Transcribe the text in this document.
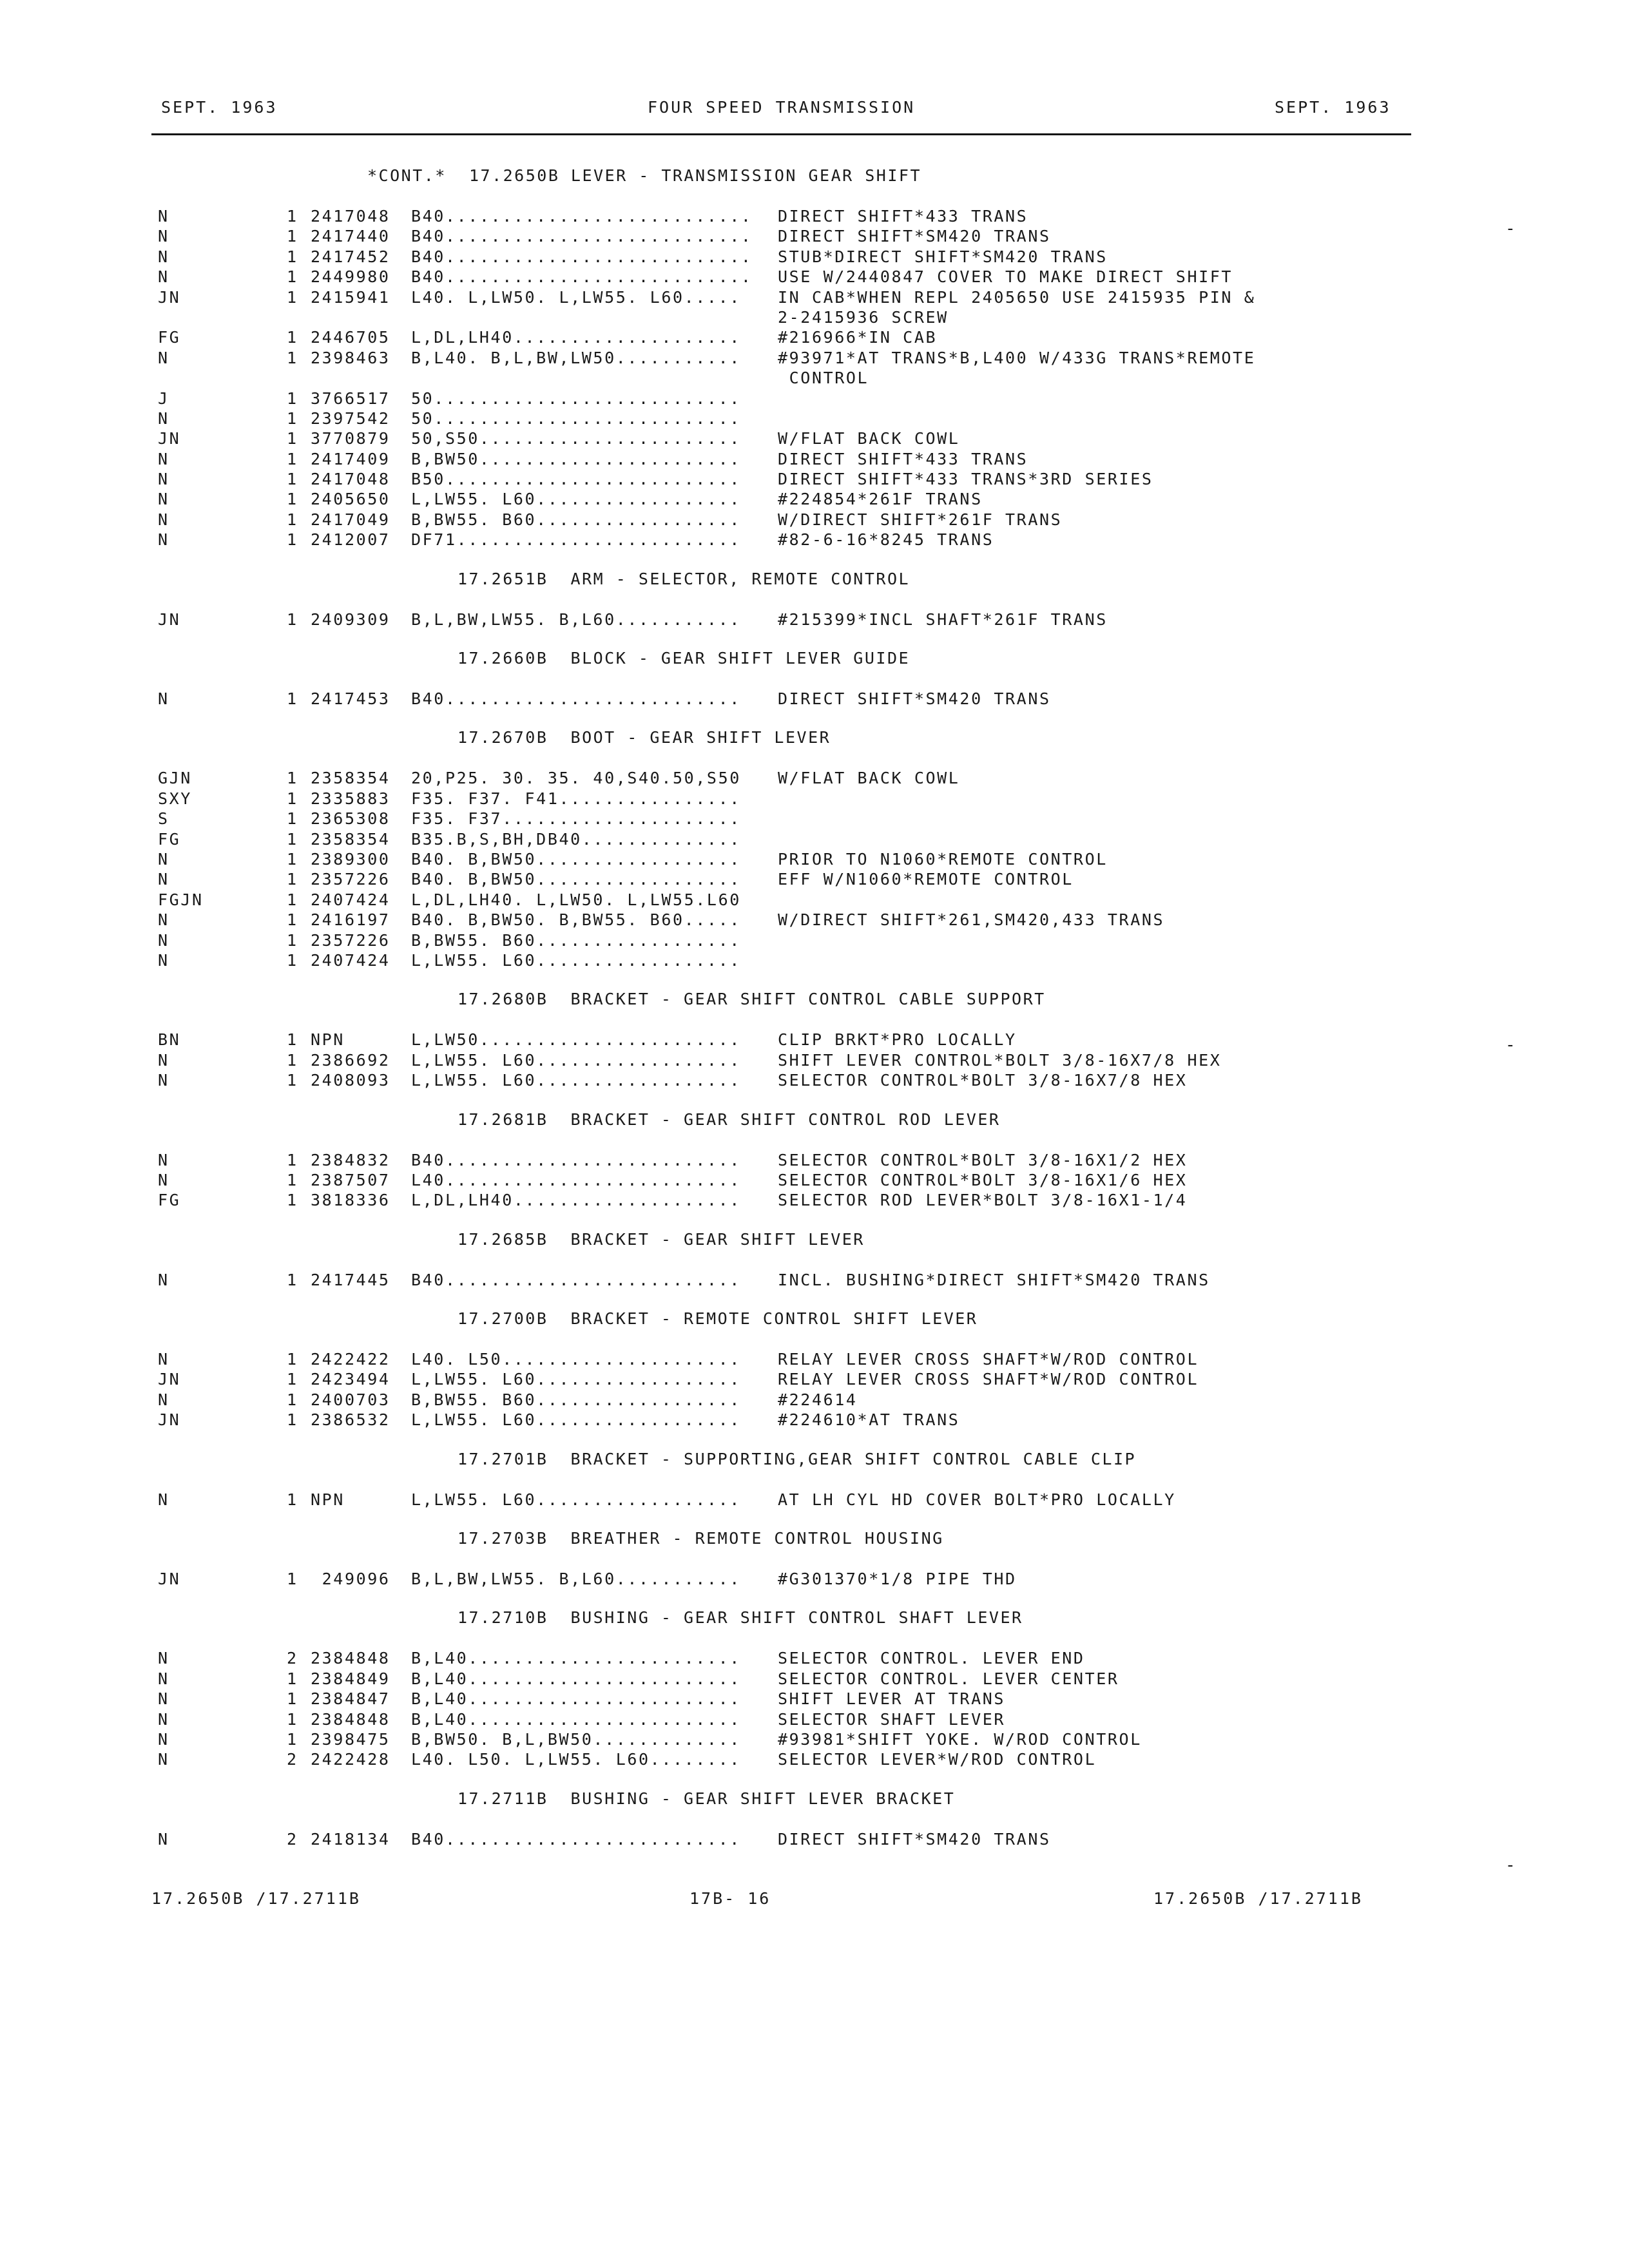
SEPT. 1963	FOUR SPEED TRANSMISSION	SEPT. 1963
-
-
-
*CONT.*  17.2650B LEVER - TRANSMISSION GEAR SHIFT
N	1 2417048 B40........................... DIRECT SHIFT*433 TRANS
N	1 2417440 B40........................... DIRECT SHIFT*SM420 TRANS
N	1 2417452 B40........................... STUB*DIRECT SHIFT*SM420 TRANS
N	1 2449980 B40........................... USE W/2440847 COVER TO MAKE DIRECT SHIFT
JN	1 2415941 L40. L,LW50. L,LW55. L60..... IN CAB*WHEN REPL 2405650 USE 2415935 PIN &
2-2415936 SCREW
FG	1 2446705 L,DL,LH40.................... #216966*IN CAB
N	1 2398463 B,L40. B,L,BW,LW50........... #93971*AT TRANS*B,L400 W/433G TRANS*REMOTE
CONTROL
J	1 3766517 50...........................
N	1 2397542 50...........................
JN	1 3770879 50,S50....................... W/FLAT BACK COWL
N	1 2417409 B,BW50....................... DIRECT SHIFT*433 TRANS
N	1 2417048 B50.......................... DIRECT SHIFT*433 TRANS*3RD SERIES
N	1 2405650 L,LW55. L60.................. #224854*261F TRANS
N	1 2417049 B,BW55. B60.................. W/DIRECT SHIFT*261F TRANS
N	1 2412007 DF71......................... #82-6-16*8245 TRANS
17.2651B  ARM - SELECTOR, REMOTE CONTROL
JN	1 2409309 B,L,BW,LW55. B,L60........... #215399*INCL SHAFT*261F TRANS
17.2660B  BLOCK - GEAR SHIFT LEVER GUIDE
N	1 2417453 B40.......................... DIRECT SHIFT*SM420 TRANS
17.2670B  BOOT - GEAR SHIFT LEVER
GJN	1 2358354 20,P25. 30. 35. 40,S40.50,S50 W/FLAT BACK COWL
SXY	1 2335883 F35. F37. F41................
S	1 2365308 F35. F37.....................
FG	1 2358354 B35.B,S,BH,DB40..............
N	1 2389300 B40. B,BW50.................. PRIOR TO N1060*REMOTE CONTROL
N	1 2357226 B40. B,BW50.................. EFF W/N1060*REMOTE CONTROL
FGJN	1 2407424 L,DL,LH40. L,LW50. L,LW55.L60
N	1 2416197 B40. B,BW50. B,BW55. B60..... W/DIRECT SHIFT*261,SM420,433 TRANS
N	1 2357226 B,BW55. B60..................
N	1 2407424 L,LW55. L60..................
17.2680B  BRACKET - GEAR SHIFT CONTROL CABLE SUPPORT
BN	1 NPN	L,LW50....................... CLIP BRKT*PRO LOCALLY
N	1 2386692 L,LW55. L60.................. SHIFT LEVER CONTROL*BOLT 3/8-16X7/8 HEX
N	1 2408093 L,LW55. L60.................. SELECTOR CONTROL*BOLT 3/8-16X7/8 HEX
17.2681B  BRACKET - GEAR SHIFT CONTROL ROD LEVER
N	1 2384832 B40.......................... SELECTOR CONTROL*BOLT 3/8-16X1/2 HEX
N	1 2387507 L40.......................... SELECTOR CONTROL*BOLT 3/8-16X1/6 HEX
FG	1 3818336 L,DL,LH40.................... SELECTOR ROD LEVER*BOLT 3/8-16X1-1/4
17.2685B  BRACKET - GEAR SHIFT LEVER
N	1 2417445 B40.......................... INCL. BUSHING*DIRECT SHIFT*SM420 TRANS
17.2700B  BRACKET - REMOTE CONTROL SHIFT LEVER
N	1 2422422 L40. L50..................... RELAY LEVER CROSS SHAFT*W/ROD CONTROL
JN	1 2423494 L,LW55. L60.................. RELAY LEVER CROSS SHAFT*W/ROD CONTROL
N	1 2400703 B,BW55. B60.................. #224614
JN	1 2386532 L,LW55. L60.................. #224610*AT TRANS
17.2701B  BRACKET - SUPPORTING,GEAR SHIFT CONTROL CABLE CLIP
N	1 NPN	L,LW55. L60.................. AT LH CYL HD COVER BOLT*PRO LOCALLY
17.2703B  BREATHER - REMOTE CONTROL HOUSING
JN	1 249096 B,L,BW,LW55. B,L60........... #G301370*1/8 PIPE THD
17.2710B  BUSHING - GEAR SHIFT CONTROL SHAFT LEVER
N	2 2384848 B,L40........................ SELECTOR CONTROL. LEVER END
N	1 2384849 B,L40........................ SELECTOR CONTROL. LEVER CENTER
N	1 2384847 B,L40........................ SHIFT LEVER AT TRANS
N	1 2384848 B,L40........................ SELECTOR SHAFT LEVER
N	1 2398475 B,BW50. B,L,BW50............. #93981*SHIFT YOKE. W/ROD CONTROL
N	2 2422428 L40. L50. L,LW55. L60........ SELECTOR LEVER*W/ROD CONTROL
17.2711B  BUSHING - GEAR SHIFT LEVER BRACKET
N	2 2418134 B40.......................... DIRECT SHIFT*SM420 TRANS
17.2650B /17.2711B	17B- 16	17.2650B /17.2711B
